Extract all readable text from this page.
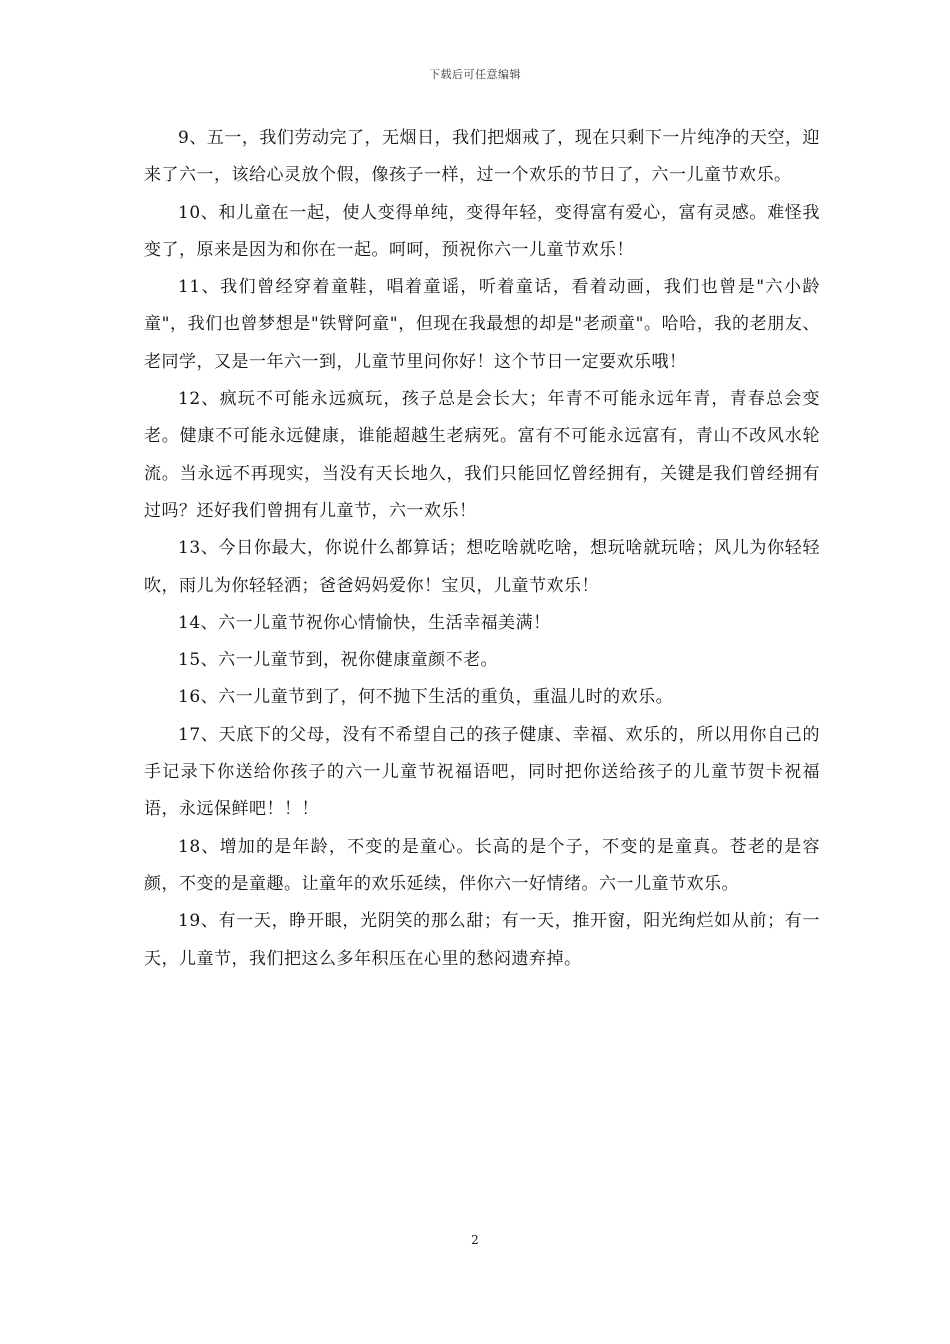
下载后可任意编辑

9、五一，我们劳动完了，无烟日，我们把烟戒了，现在只剩下一片纯净的天空，迎来了六一，该给心灵放个假，像孩子一样，过一个欢乐的节日了，六一儿童节欢乐。

10、和儿童在一起，使人变得单纯，变得年轻，变得富有爱心，富有灵感。难怪我变了，原来是因为和你在一起。呵呵，预祝你六一儿童节欢乐！

11、我们曾经穿着童鞋，唱着童谣，听着童话，看着动画，我们也曾是"六小龄童"，我们也曾梦想是"铁臂阿童"，但现在我最想的却是"老顽童"。哈哈，我的老朋友、老同学，又是一年六一到，儿童节里问你好！这个节日一定要欢乐哦！

12、疯玩不可能永远疯玩，孩子总是会长大；年青不可能永远年青，青春总会变老。健康不可能永远健康，谁能超越生老病死。富有不可能永远富有，青山不改风水轮流。当永远不再现实，当没有天长地久，我们只能回忆曾经拥有，关键是我们曾经拥有过吗？还好我们曾拥有儿童节，六一欢乐！

13、今日你最大，你说什么都算话；想吃啥就吃啥，想玩啥就玩啥；风儿为你轻轻吹，雨儿为你轻轻洒；爸爸妈妈爱你！宝贝，儿童节欢乐！

14、六一儿童节祝你心情愉快，生活幸福美满！

15、六一儿童节到，祝你健康童颜不老。

16、六一儿童节到了，何不抛下生活的重负，重温儿时的欢乐。

17、天底下的父母，没有不希望自己的孩子健康、幸福、欢乐的，所以用你自己的手记录下你送给你孩子的六一儿童节祝福语吧，同时把你送给孩子的儿童节贺卡祝福语，永远保鲜吧！！！

18、增加的是年龄，不变的是童心。长高的是个子，不变的是童真。苍老的是容颜，不变的是童趣。让童年的欢乐延续，伴你六一好情绪。六一儿童节欢乐。

19、有一天，睁开眼，光阴笑的那么甜；有一天，推开窗，阳光绚烂如从前；有一天，儿童节，我们把这么多年积压在心里的愁闷遗弃掉。

2
